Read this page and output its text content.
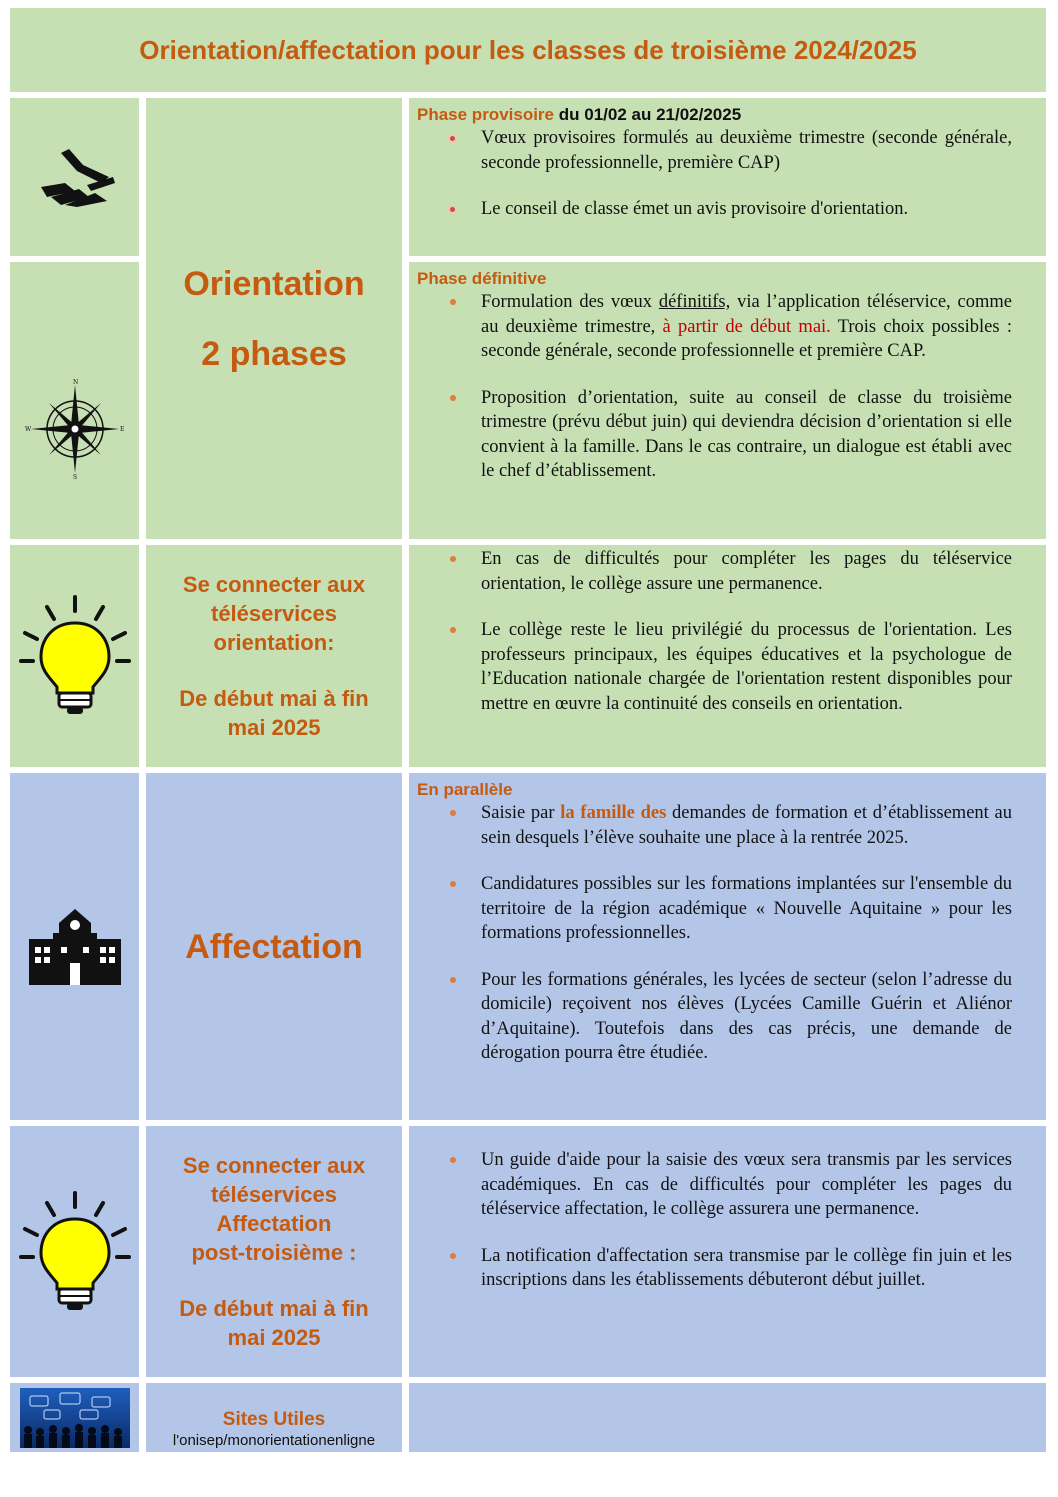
Orientation/affectation pour les classes de troisième 2024/2025
Phase provisoire du 01/02 au 21/02/2025
Vœux provisoires formulés au deuxième trimestre (seconde générale, seconde professionnelle, première CAP)
Le conseil de classe émet un avis provisoire d'orientation.
Orientation
2 phases
N
S
W	E
Phase définitive
Formulation des vœux définitifs, via l’application téléservice, comme au deuxième trimestre, à partir de début mai. Trois choix possibles : seconde générale, seconde professionnelle et première CAP.
Proposition d’orientation, suite au conseil de classe du troisième trimestre (prévu début juin) qui deviendra décision d’orientation si elle convient à la famille. Dans le cas contraire, un dialogue est établi avec le chef d’établissement.
Se connecter aux
téléservices
orientation:
De début mai à fin
mai 2025
En cas de difficultés pour compléter les pages du téléservice orientation, le collège assure une permanence.
Le collège reste le lieu privilégié du processus de l'orientation. Les professeurs principaux, les équipes éducatives et la psychologue de l’Education nationale chargée de l'orientation restent disponibles pour mettre en œuvre la continuité des conseils en orientation.
Affectation
En parallèle
Saisie par la famille des demandes de formation et d’établissement au sein desquels l’élève souhaite une place à la rentrée 2025.
Candidatures possibles sur les formations implantées sur l'ensemble du territoire de la région académique « Nouvelle Aquitaine » pour les formations professionnelles.
Pour les formations générales, les lycées de secteur (selon l’adresse du domicile) reçoivent nos élèves (Lycées Camille Guérin et Aliénor d’Aquitaine). Toutefois dans des cas précis, une demande de dérogation pourra être étudiée.
Se connecter aux
téléservices
Affectation
post-troisième :
De début mai à fin
mai 2025
Un guide d'aide pour la saisie des vœux sera transmis par les services académiques. En cas de difficultés pour compléter les pages du téléservice affectation, le collège assurera une permanence.
La notification d'affectation sera transmise par le collège fin juin et les inscriptions dans les établissements débuteront début juillet.
Sites Utiles
l'onisep/monorientationenligne
